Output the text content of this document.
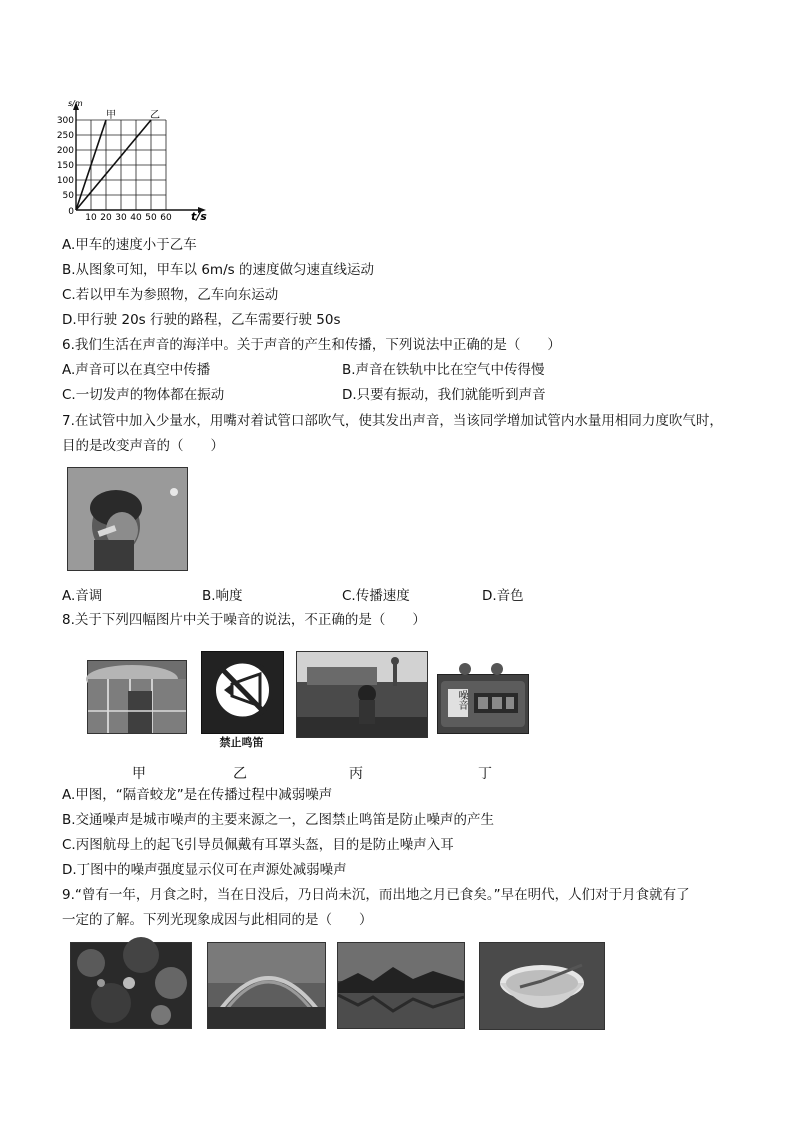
s/m
t/s
甲	乙
300
250
200
150
100
50
0
10 20 30 40 50 60
A.甲车的速度小于乙车
B.从图象可知，甲车以 6m/s 的速度做匀速直线运动
C.若以甲车为参照物，乙车向东运动
D.甲行驶 20s 行驶的路程，乙车需要行驶 50s
6.我们生活在声音的海洋中。关于声音的产生和传播，下列说法中正确的是（　　）
A.声音可以在真空中传播	B.声音在铁轨中比在空气中传得慢
C.一切发声的物体都在振动	D.只要有振动，我们就能听到声音
7.在试管中加入少量水，用嘴对着试管口部吹气，使其发出声音，当该同学增加试管内水量用相同力度吹气时，
目的是改变声音的（　　）
A.音调	B.响度	C.传播速度	D.音色
8.关于下列四幅图片中关于噪音的说法，不正确的是（　　）
禁止鸣笛
噪音
甲	乙	丙	丁
A.甲图，“隔音蛟龙”是在传播过程中减弱噪声
B.交通噪声是城市噪声的主要来源之一，乙图禁止鸣笛是防止噪声的产生
C.丙图航母上的起飞引导员佩戴有耳罩头盔，目的是防止噪声入耳
D.丁图中的噪声强度显示仪可在声源处减弱噪声
9.“曾有一年，月食之时，当在日没后，乃日尚未沉，而出地之月已食矣。”早在明代，人们对于月食就有了
一定的了解。下列光现象成因与此相同的是（　　）
